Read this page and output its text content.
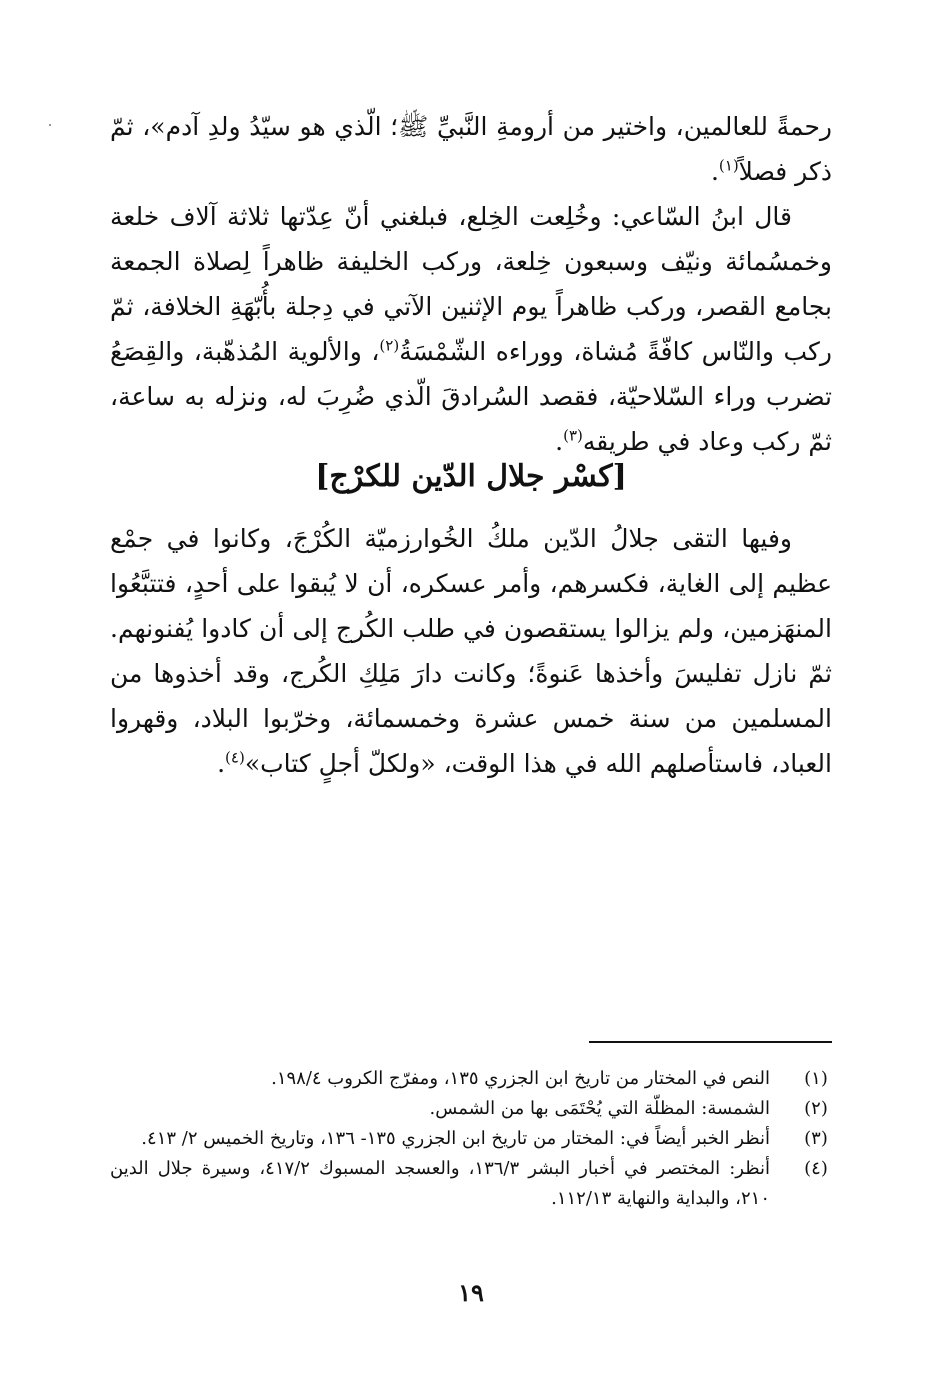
رحمةً للعالمين، واختير من أرومةِ النَّبيِّ ﷺ؛ الّذي هو سيّدُ ولدِ آدم»، ثمّ ذكر فصلاً$^{(١)}$.

قال ابنُ السّاعي: وخُلِعت الخِلع، فبلغني أنّ عِدّتها ثلاثة آلاف خلعة وخمسُمائة ونيّف وسبعون خِلعة، وركب الخليفة ظاهراً لِصلاة الجمعة بجامع القصر، وركب ظاهراً يوم الإثنين الآتي في دِجلة بأُبّهَةِ الخلافة، ثمّ ركب والنّاس كافّةً مُشاة، ووراءه الشّمْسَةُ$^{(٢)}$، والألوية المُذهّبة، والقِصَعُ تضرب وراء السّلاحيّة، فقصد السُرادقَ الّذي ضُرِبَ له، ونزله به ساعة، ثمّ ركب وعاد في طريقه$^{(٣)}$.

[كسْر جلال الدّين للكرْج]

وفيها التقى جلالُ الدّين ملكُ الخُوارزميّة الكُرْجَ، وكانوا في جمْع عظيم إلى الغاية، فكسرهم، وأمر عسكره، أن لا يُبقوا على أحدٍ، فتتبَّعُوا المنهَزمين، ولم يزالوا يستقصون في طلب الكُرج إلى أن كادوا يُفنونهم. ثمّ نازل تفليسَ وأخذها عَنوةً؛ وكانت دارَ مَلِكِ الكُرج، وقد أخذوها من المسلمين من سنة خمس عشرة وخمسمائة، وخرّبوا البلاد، وقهروا العباد، فاستأصلهم الله في هذا الوقت، «ولكلّ أجلٍ كتاب»$^{(٤)}$.

(١)
النص في المختار من تاريخ ابن الجزري ١٣٥، ومفرّج الكروب ١٩٨/٤.
(٢)
الشمسة: المظلّة التي يُحْتَمَى بها من الشمس.
(٣)
أنظر الخبر أيضاً في: المختار من تاريخ ابن الجزري ١٣٥- ١٣٦، وتاريخ الخميس ٢/ ٤١٣.
(٤)
أنظر: المختصر في أخبار البشر ١٣٦/٣، والعسجد المسبوك ٤١٧/٢، وسيرة جلال الدين ٢١٠، والبداية والنهاية ١١٢/١٣.
١٩
